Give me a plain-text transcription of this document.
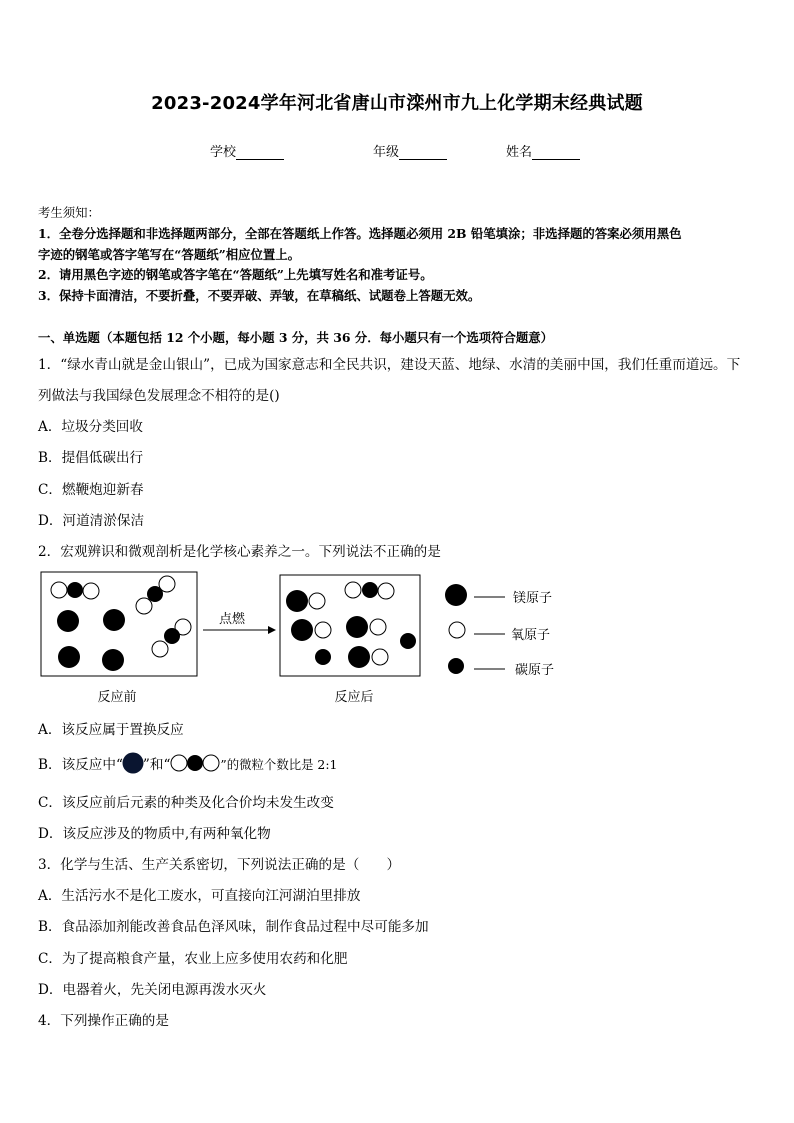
2023-2024学年河北省唐山市滦州市九上化学期末经典试题
学校	年级	姓名
考生须知：
1．全卷分选择题和非选择题两部分，全部在答题纸上作答。选择题必须用 2B 铅笔填涂；非选择题的答案必须用黑色
字迹的钢笔或答字笔写在“答题纸”相应位置上。
2．请用黑色字迹的钢笔或答字笔在“答题纸”上先填写姓名和准考证号。
3．保持卡面清洁，不要折叠，不要弄破、弄皱，在草稿纸、试题卷上答题无效。
一、单选题（本题包括 12 个小题，每小题 3 分，共 36 分．每小题只有一个选项符合题意）
1．“绿水青山就是金山银山”，已成为国家意志和全民共识，建设天蓝、地绿、水清的美丽中国，我们任重而道远。下
列做法与我国绿色发展理念不相符的是()
A．垃圾分类回收
B．提倡低碳出行
C．燃鞭炮迎新春
D．河道清淤保洁
2．宏观辨识和微观剖析是化学核心素养之一。下列说法不正确的是
点燃
镁原子
氧原子
碳原子
反应前	反应后
A．该反应属于置换反应
B．该反应中“ ”和“	”的微粒个数比是 2:1
C．该反应前后元素的种类及化合价均未发生改变
D．该反应涉及的物质中,有两种氧化物
3．化学与生活、生产关系密切，下列说法正确的是（　　）
A．生活污水不是化工废水，可直接向江河湖泊里排放
B．食品添加剂能改善食品色泽风味，制作食品过程中尽可能多加
C．为了提高粮食产量，农业上应多使用农药和化肥
D．电器着火，先关闭电源再泼水灭火
4．下列操作正确的是
